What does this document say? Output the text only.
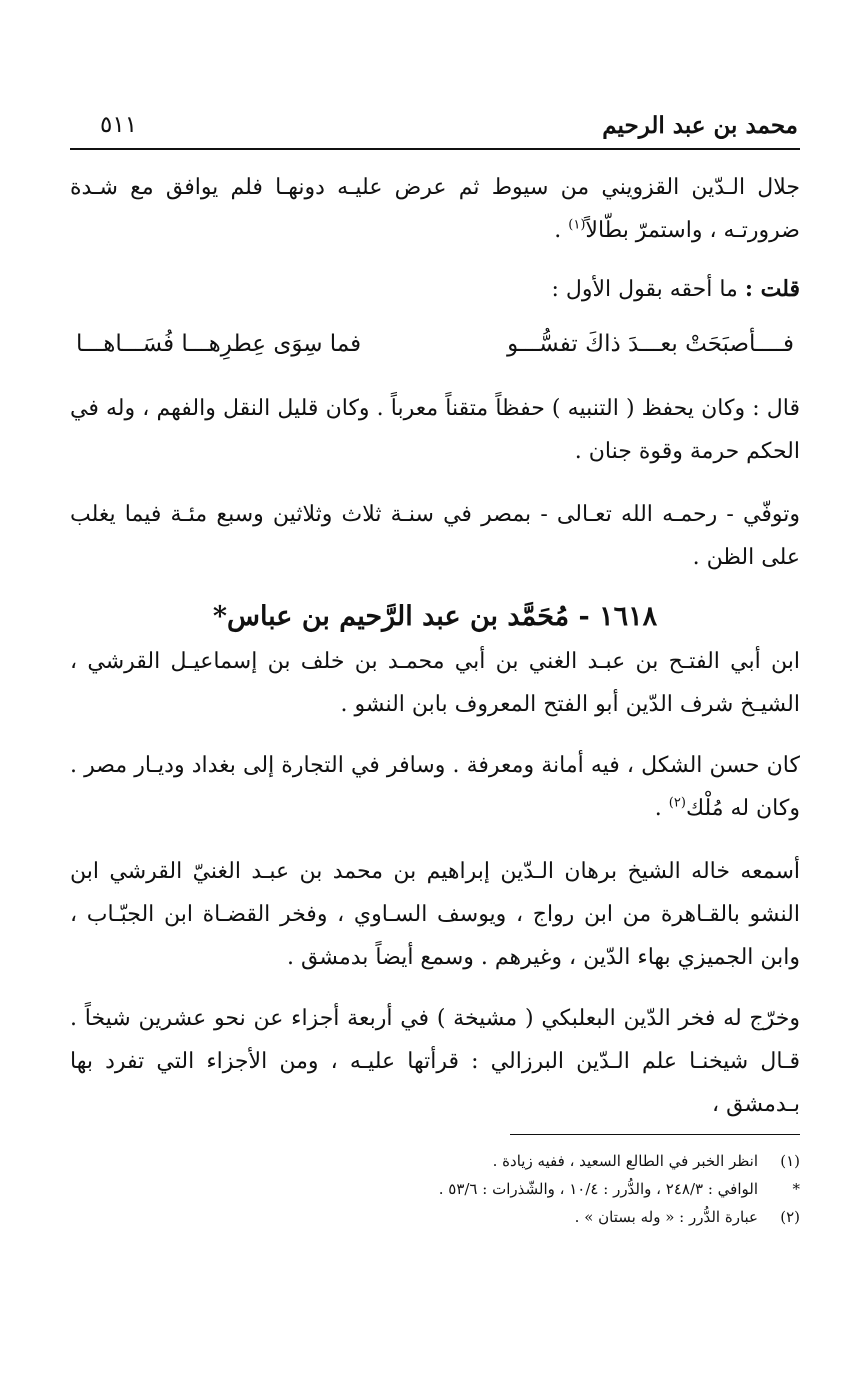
محمد بن عبد الرحيم
٥١١

جلال الـدّين القزويني من سيوط ثم عرض عليـه دونهـا فلم يوافق مع شـدة ضرورتـه ، واستمرّ بطّالاً$^{(١)}$ .

قلت : ما أحقه بقول الأول :

فــــأصبَحَتْ بعـــدَ ذاكَ تفسُّـــو
فما سِوَى عِطرِهـــا فُسَـــاهـــا

قال : وكان يحفظ ( التنبيه ) حفظاً متقناً معرباً . وكان قليل النقل والفهم ، وله في الحكم حرمة وقوة جنان .

وتوفّي - رحمـه الله تعـالى - بمصر في سنـة ثلاث وثلاثين وسبع مئـة فيما يغلب على الظن .

١٦١٨ - مُحَمَّد بن عبد الرَّحيم بن عباس*

ابن أبي الفتـح بن عبـد الغني بن أبي محمـد بن خلف بن إسماعيـل القرشي ، الشيـخ شرف الدّين أبو الفتح المعروف بابن النشو .

كان حسن الشكل ، فيه أمانة ومعرفة . وسافر في التجارة إلى بغداد وديـار مصر . وكان له مُلْك$^{(٢)}$ .

أسمعه خاله الشيخ برهان الـدّين إبراهيم بن محمد بن عبـد الغنيّ القرشي ابن النشو بالقـاهرة من ابن رواج ، ويوسف السـاوي ، وفخر القضـاة ابن الجبّـاب ، وابن الجميزي بهاء الدّين ، وغيرهم . وسمع أيضاً بدمشق .

وخرّج له فخر الدّين البعلبكي ( مشيخة ) في أربعة أجزاء عن نحو عشرين شيخاً . قـال شيخنـا علم الـدّين البرزالي : قرأتها عليـه ، ومن الأجزاء التي تفرد بها بـدمشق ،

(١)
انظر الخبر في الطالع السعيد ، ففيه زيادة .
*
الوافي : ٢٤٨/٣ ، والدُّرر : ١٠/٤ ، والشّذرات : ٥٣/٦ .
(٢)
عبارة الدُّرر : « وله بستان » .
